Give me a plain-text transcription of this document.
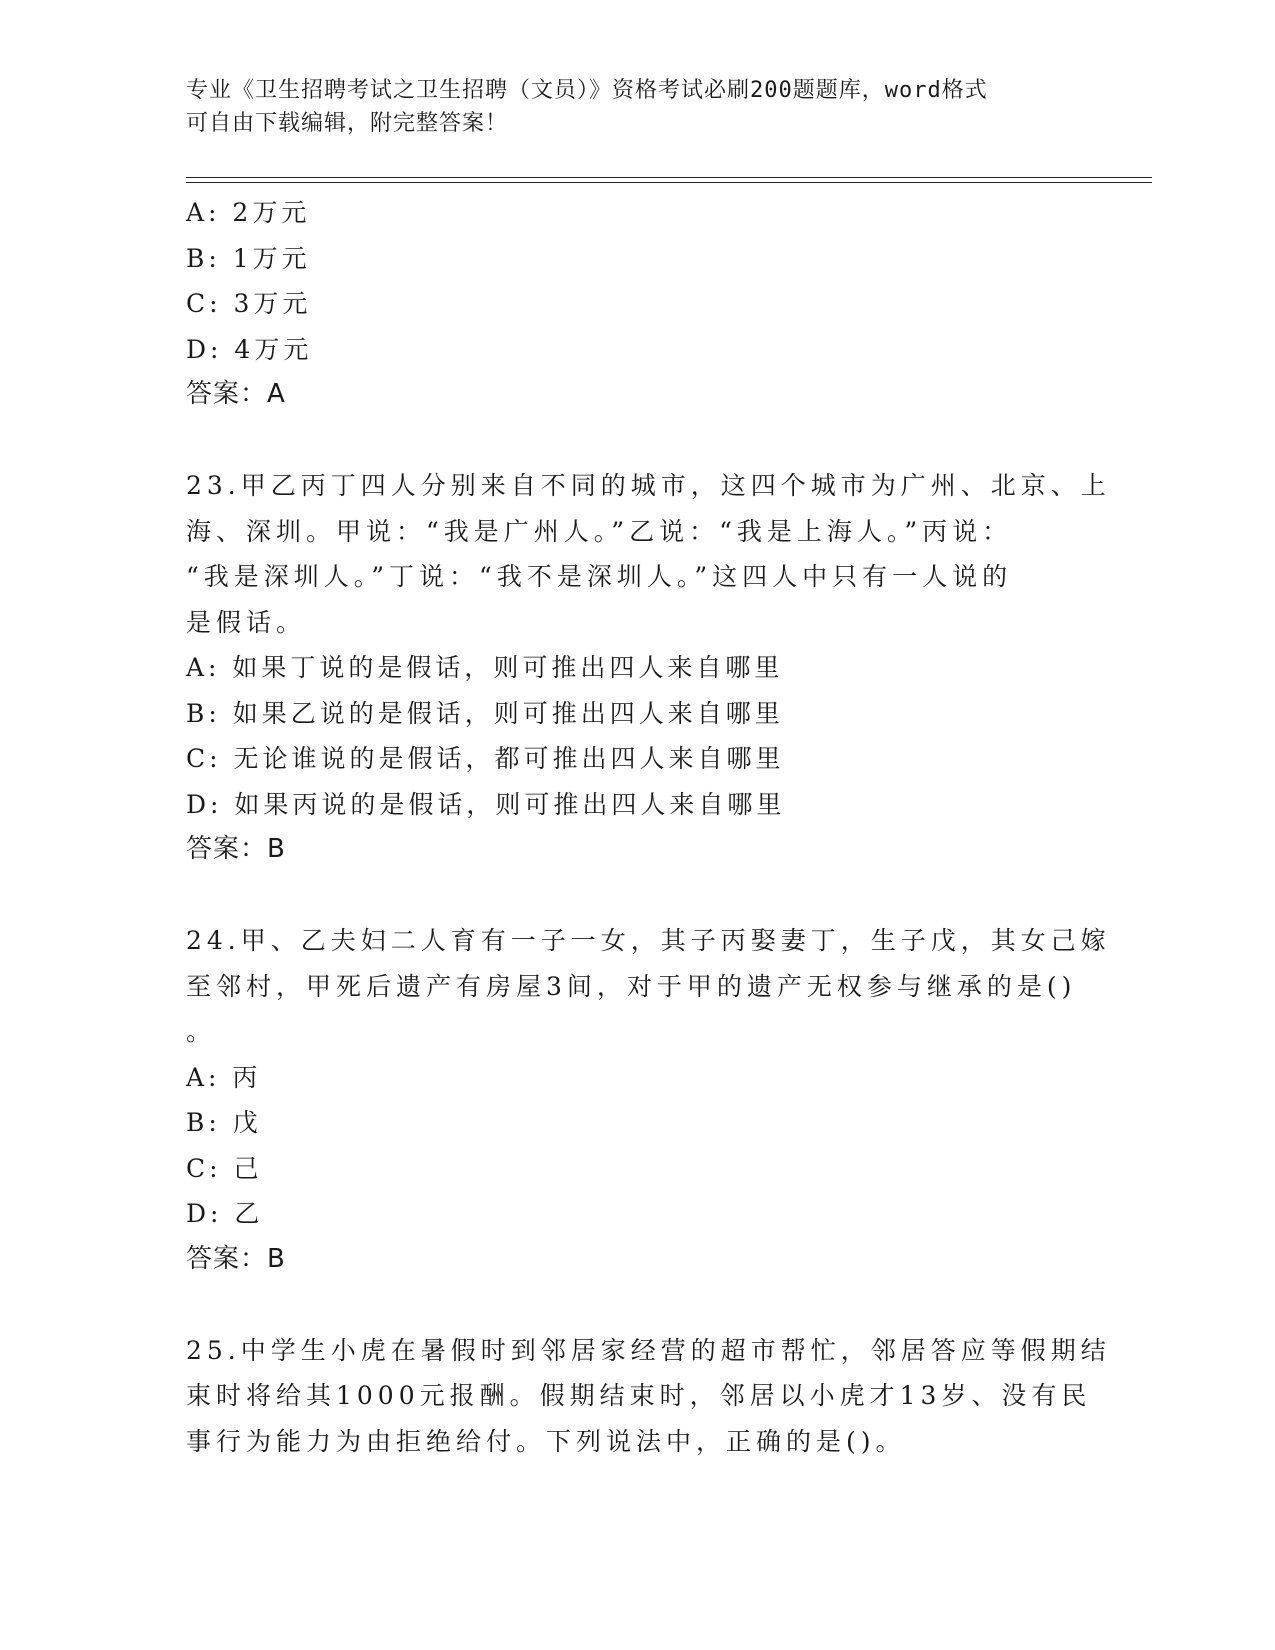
专业《卫生招聘考试之卫生招聘（文员）》资格考试必刷200题题库，word格式
可自由下载编辑，附完整答案！
A: 2万元
B: 1万元
C: 3万元
D: 4万元
答案：A
23.甲乙丙丁四人分别来自不同的城市，这四个城市为广州、北京、上
海、深圳。甲说：“我是广州人。”乙说：“我是上海人。”丙说：
“我是深圳人。”丁说：“我不是深圳人。”这四人中只有一人说的
是假话。
A: 如果丁说的是假话，则可推出四人来自哪里
B: 如果乙说的是假话，则可推出四人来自哪里
C: 无论谁说的是假话，都可推出四人来自哪里
D: 如果丙说的是假话，则可推出四人来自哪里
答案：B
24.甲、乙夫妇二人育有一子一女，其子丙娶妻丁，生子戊，其女己嫁
至邻村，甲死后遗产有房屋3间，对于甲的遗产无权参与继承的是()
。
A: 丙
B: 戊
C: 己
D: 乙
答案：B
25.中学生小虎在暑假时到邻居家经营的超市帮忙，邻居答应等假期结
束时将给其1000元报酬。假期结束时，邻居以小虎才13岁、没有民
事行为能力为由拒绝给付。下列说法中，正确的是()。
